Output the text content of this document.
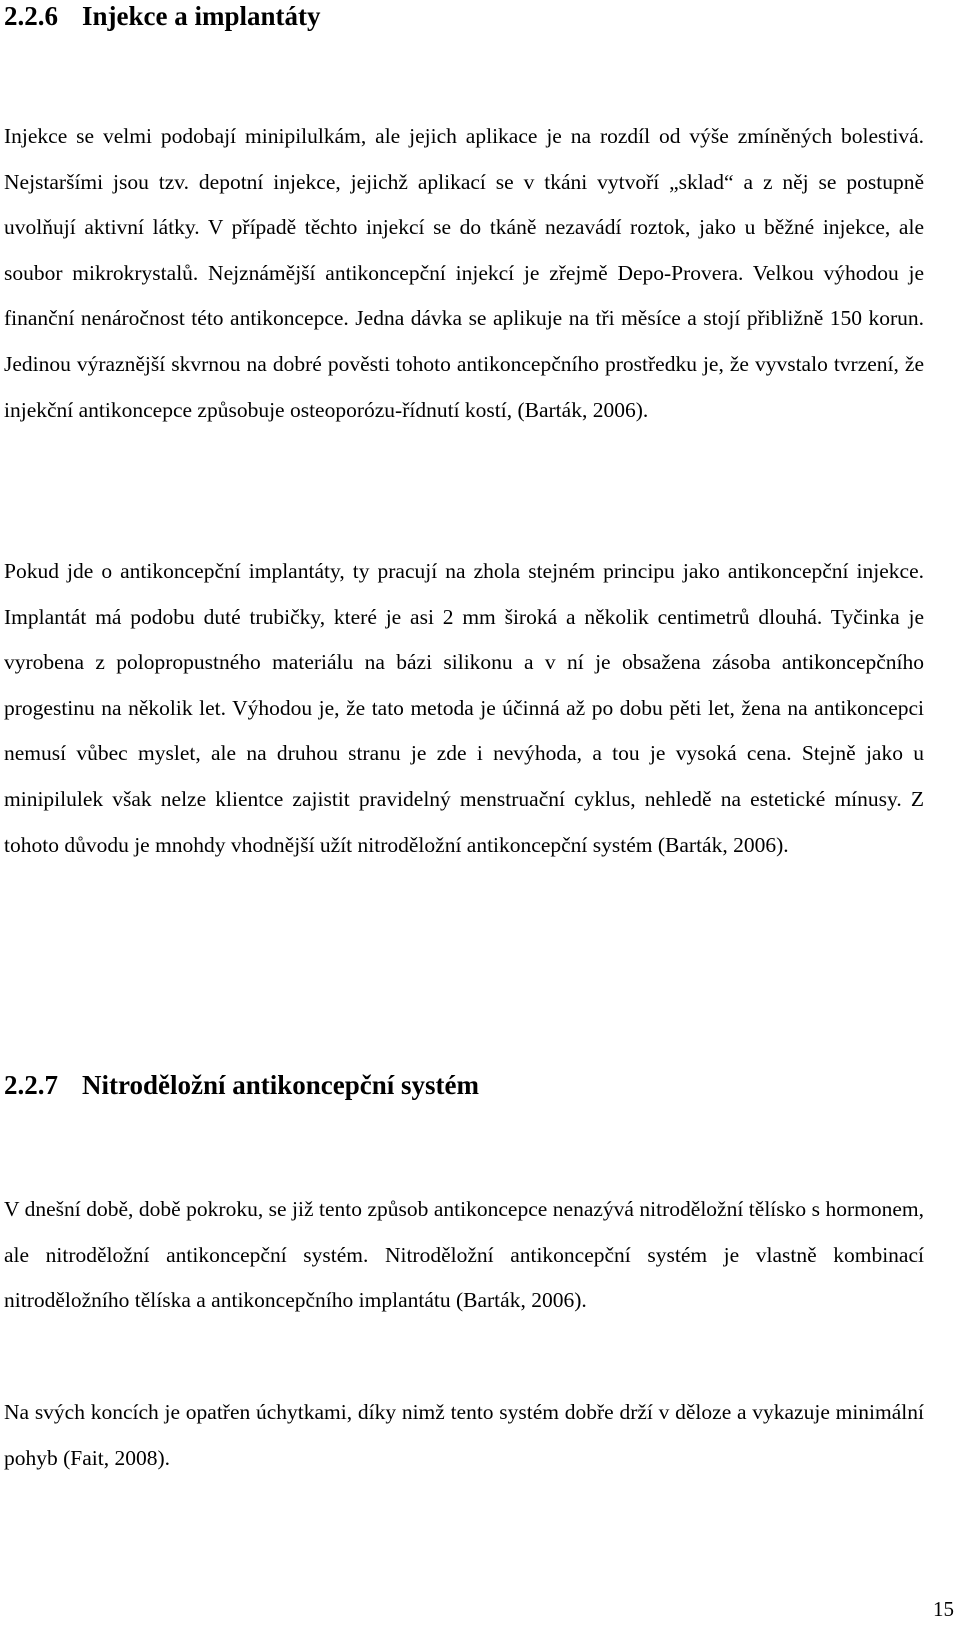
2.2.6 Injekce a implantáty

Injekce se velmi podobají minipilulkám, ale jejich aplikace je na rozdíl od výše zmíněných bolestivá. Nejstaršími jsou tzv. depotní injekce, jejichž aplikací se v tkáni vytvoří „sklad“ a z něj se postupně uvolňují aktivní látky. V případě těchto injekcí se do tkáně nezavádí roztok, jako u běžné injekce, ale soubor mikrokrystalů. Nejznámější antikoncepční injekcí je zřejmě Depo-Provera. Velkou výhodou je finanční nenáročnost této antikoncepce. Jedna dávka se aplikuje na tři měsíce a stojí přibližně 150 korun. Jedinou výraznější skvrnou na dobré pověsti tohoto antikoncepčního prostředku je, že vyvstalo tvrzení, že injekční antikoncepce způsobuje osteoporózu-řídnutí kostí, (Barták, 2006).

Pokud jde o antikoncepční implantáty, ty pracují na zhola stejném principu jako antikoncepční injekce. Implantát má podobu duté trubičky, které je asi 2 mm široká a několik centimetrů dlouhá. Tyčinka je vyrobena z polopropustného materiálu na bázi silikonu a v ní je obsažena zásoba antikoncepčního progestinu na několik let. Výhodou je, že tato metoda je účinná až po dobu pěti let, žena na antikoncepci nemusí vůbec myslet, ale na druhou stranu je zde i nevýhoda, a tou je vysoká cena. Stejně jako u minipilulek však nelze klientce zajistit pravidelný menstruační cyklus, nehledě na estetické mínusy. Z tohoto důvodu je mnohdy vhodnější užít nitroděložní antikoncepční systém (Barták, 2006).

2.2.7 Nitroděložní antikoncepční systém

V dnešní době, době pokroku, se již tento způsob antikoncepce nenazývá nitroděložní tělísko s hormonem, ale nitroděložní antikoncepční systém. Nitroděložní antikoncepční systém je vlastně kombinací nitroděložního tělíska a antikoncepčního implantátu (Barták, 2006).

Na svých koncích je opatřen úchytkami, díky nimž tento systém dobře drží v děloze a vykazuje minimální pohyb (Fait, 2008).

15
